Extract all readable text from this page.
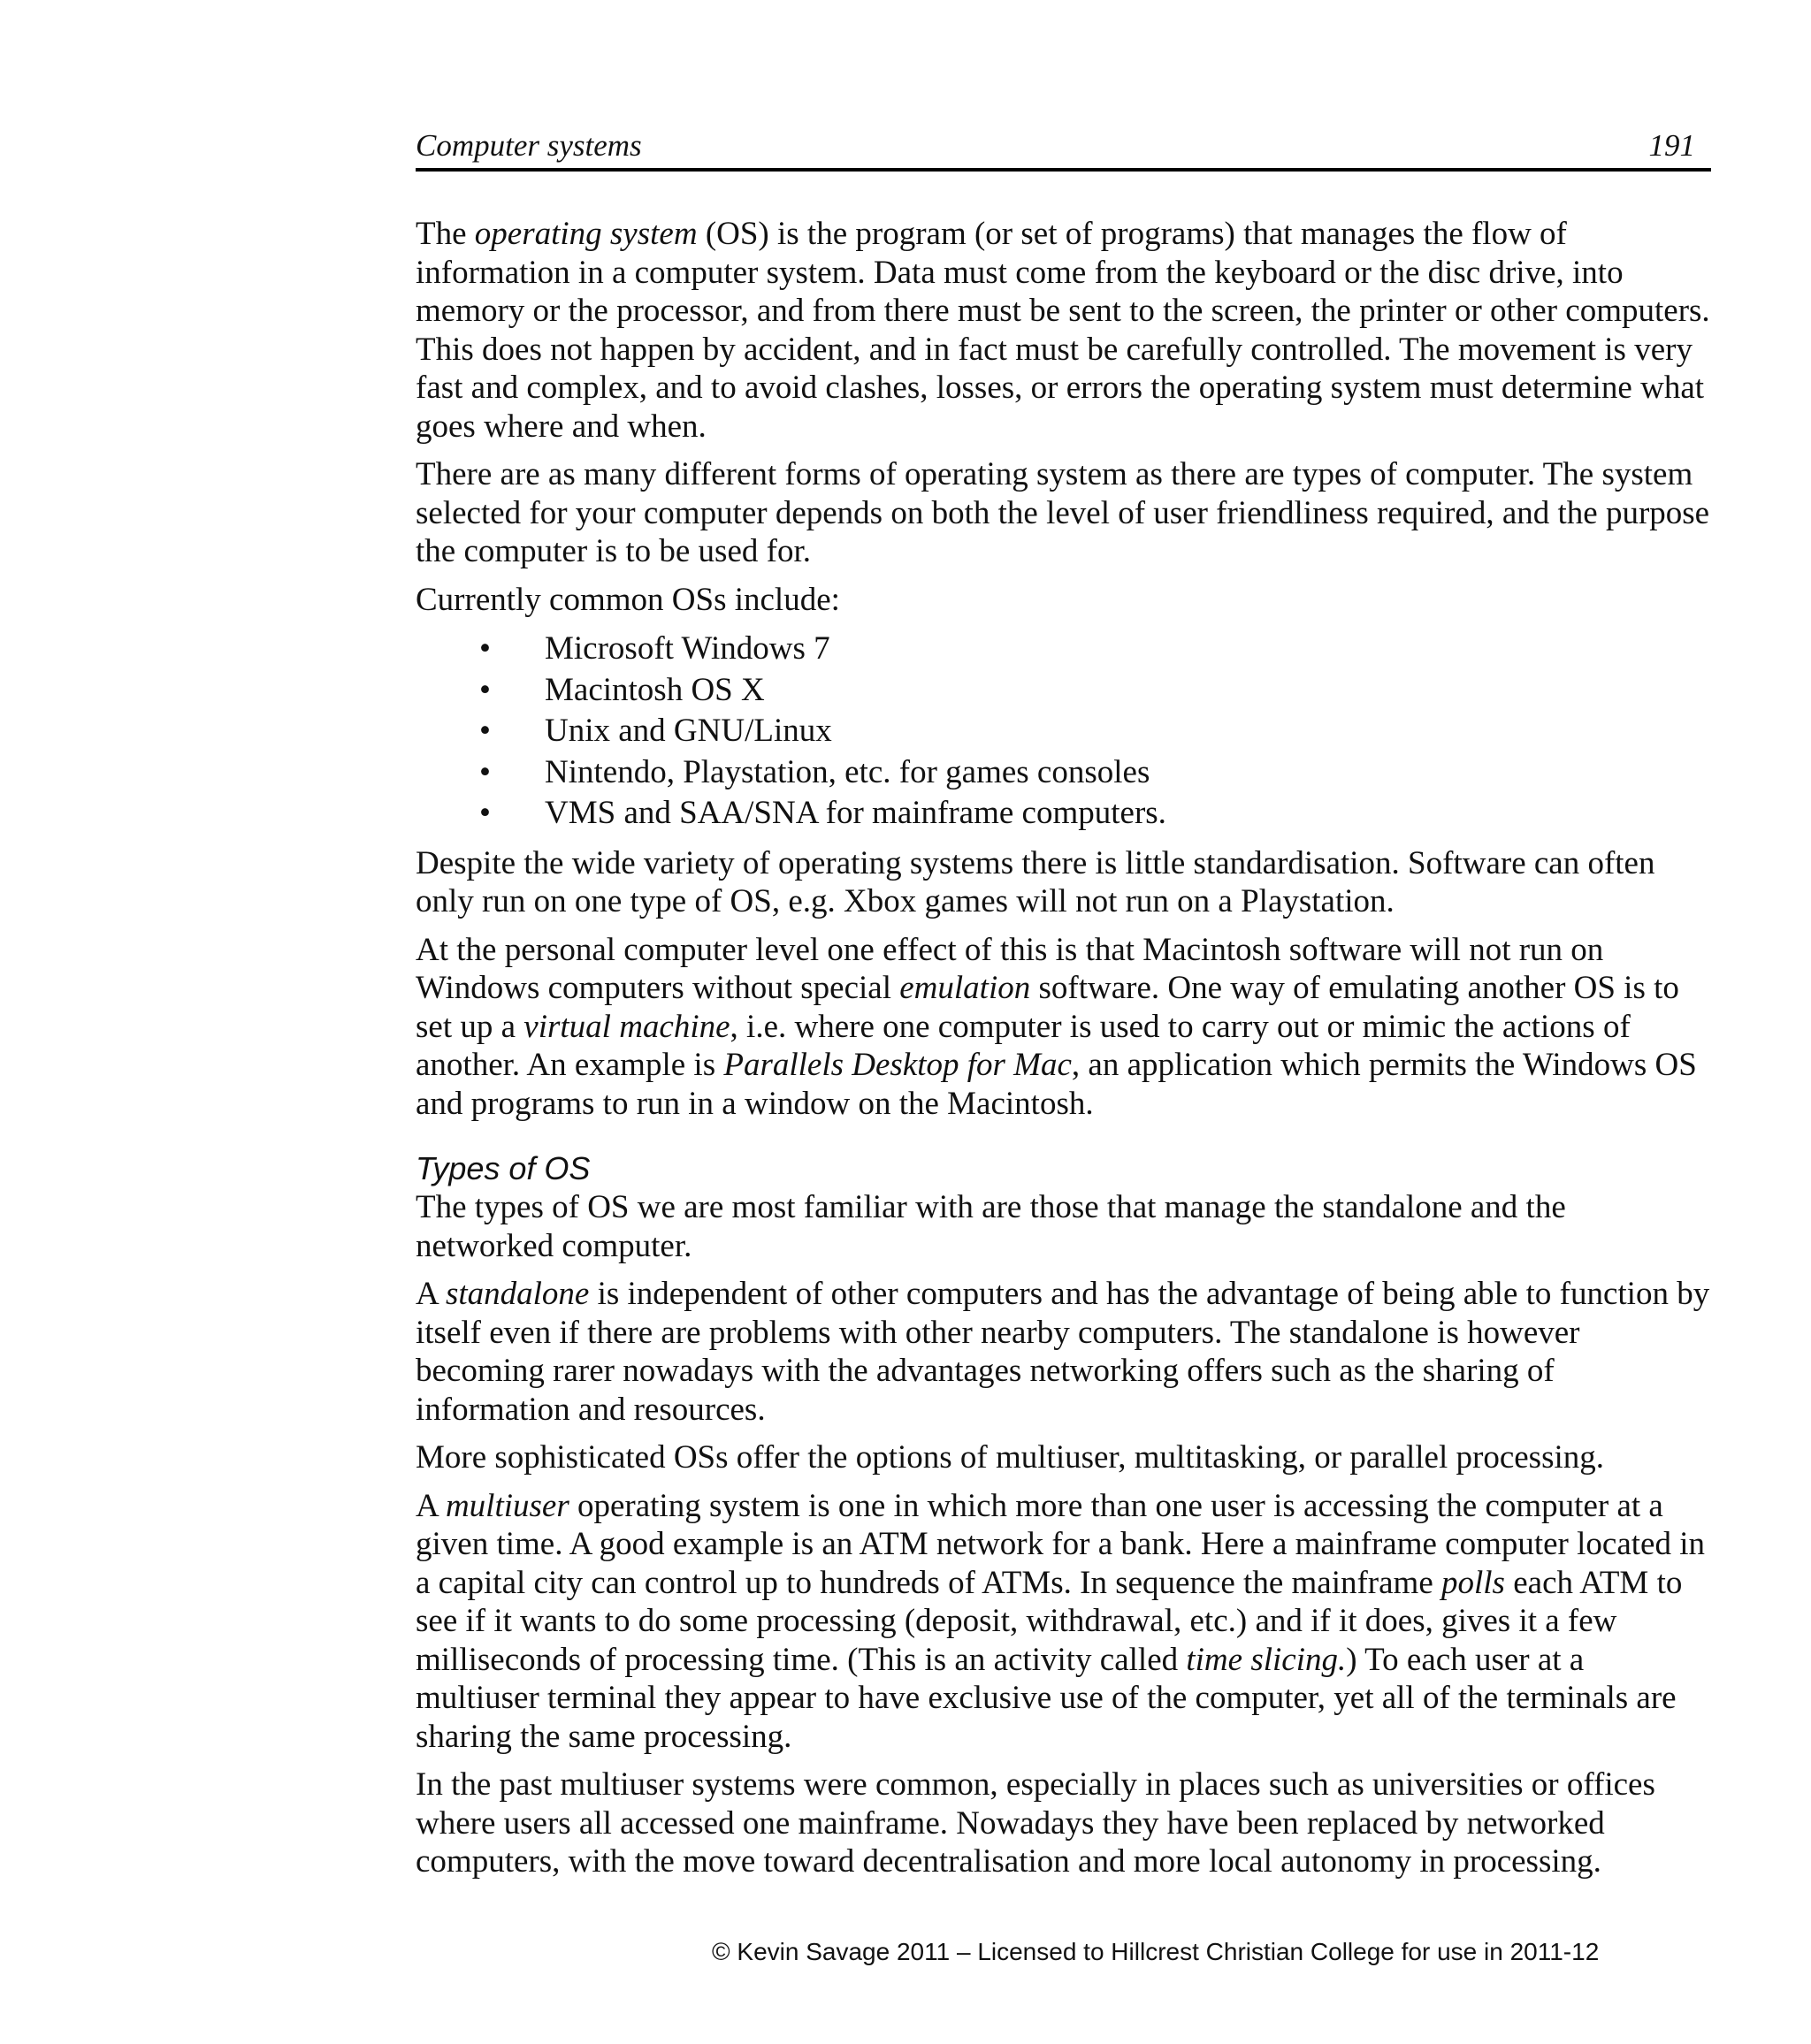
Computer systems	191

The operating system (OS) is the program (or set of programs) that manages the flow of information in a computer system. Data must come from the keyboard or the disc drive, into memory or the processor, and from there must be sent to the screen, the printer or other computers. This does not happen by accident, and in fact must be carefully controlled. The movement is very fast and complex, and to avoid clashes, losses, or errors the operating system must determine what goes where and when.

There are as many different forms of operating system as there are types of computer. The system selected for your computer depends on both the level of user friendliness required, and the purpose the computer is to be used for.

Currently common OSs include:

• Microsoft Windows 7
• Macintosh OS X
• Unix and GNU/Linux
• Nintendo, Playstation, etc. for games consoles
• VMS and SAA/SNA for mainframe computers.

Despite the wide variety of operating systems there is little standardisation. Software can often only run on one type of OS, e.g. Xbox games will not run on a Playstation.

At the personal computer level one effect of this is that Macintosh software will not run on Windows computers without special emulation software. One way of emulating another OS is to set up a virtual machine, i.e. where one computer is used to carry out or mimic the actions of another. An example is Parallels Desktop for Mac, an application which permits the Windows OS and programs to run in a window on the Macintosh.

Types of OS

The types of OS we are most familiar with are those that manage the standalone and the networked computer.

A standalone is independent of other computers and has the advantage of being able to function by itself even if there are problems with other nearby computers. The standalone is however becoming rarer nowadays with the advantages networking offers such as the sharing of information and resources.

More sophisticated OSs offer the options of multiuser, multitasking, or parallel processing.

A multiuser operating system is one in which more than one user is accessing the computer at a given time. A good example is an ATM network for a bank. Here a mainframe computer located in a capital city can control up to hundreds of ATMs. In sequence the mainframe polls each ATM to see if it wants to do some processing (deposit, withdrawal, etc.) and if it does, gives it a few milliseconds of processing time. (This is an activity called time slicing.) To each user at a multiuser terminal they appear to have exclusive use of the computer, yet all of the terminals are sharing the same processing.

In the past multiuser systems were common, especially in places such as universities or offices where users all accessed one mainframe. Nowadays they have been replaced by networked computers, with the move toward decentralisation and more local autonomy in processing.

© Kevin Savage 2011 – Licensed to Hillcrest Christian College for use in 2011-12
